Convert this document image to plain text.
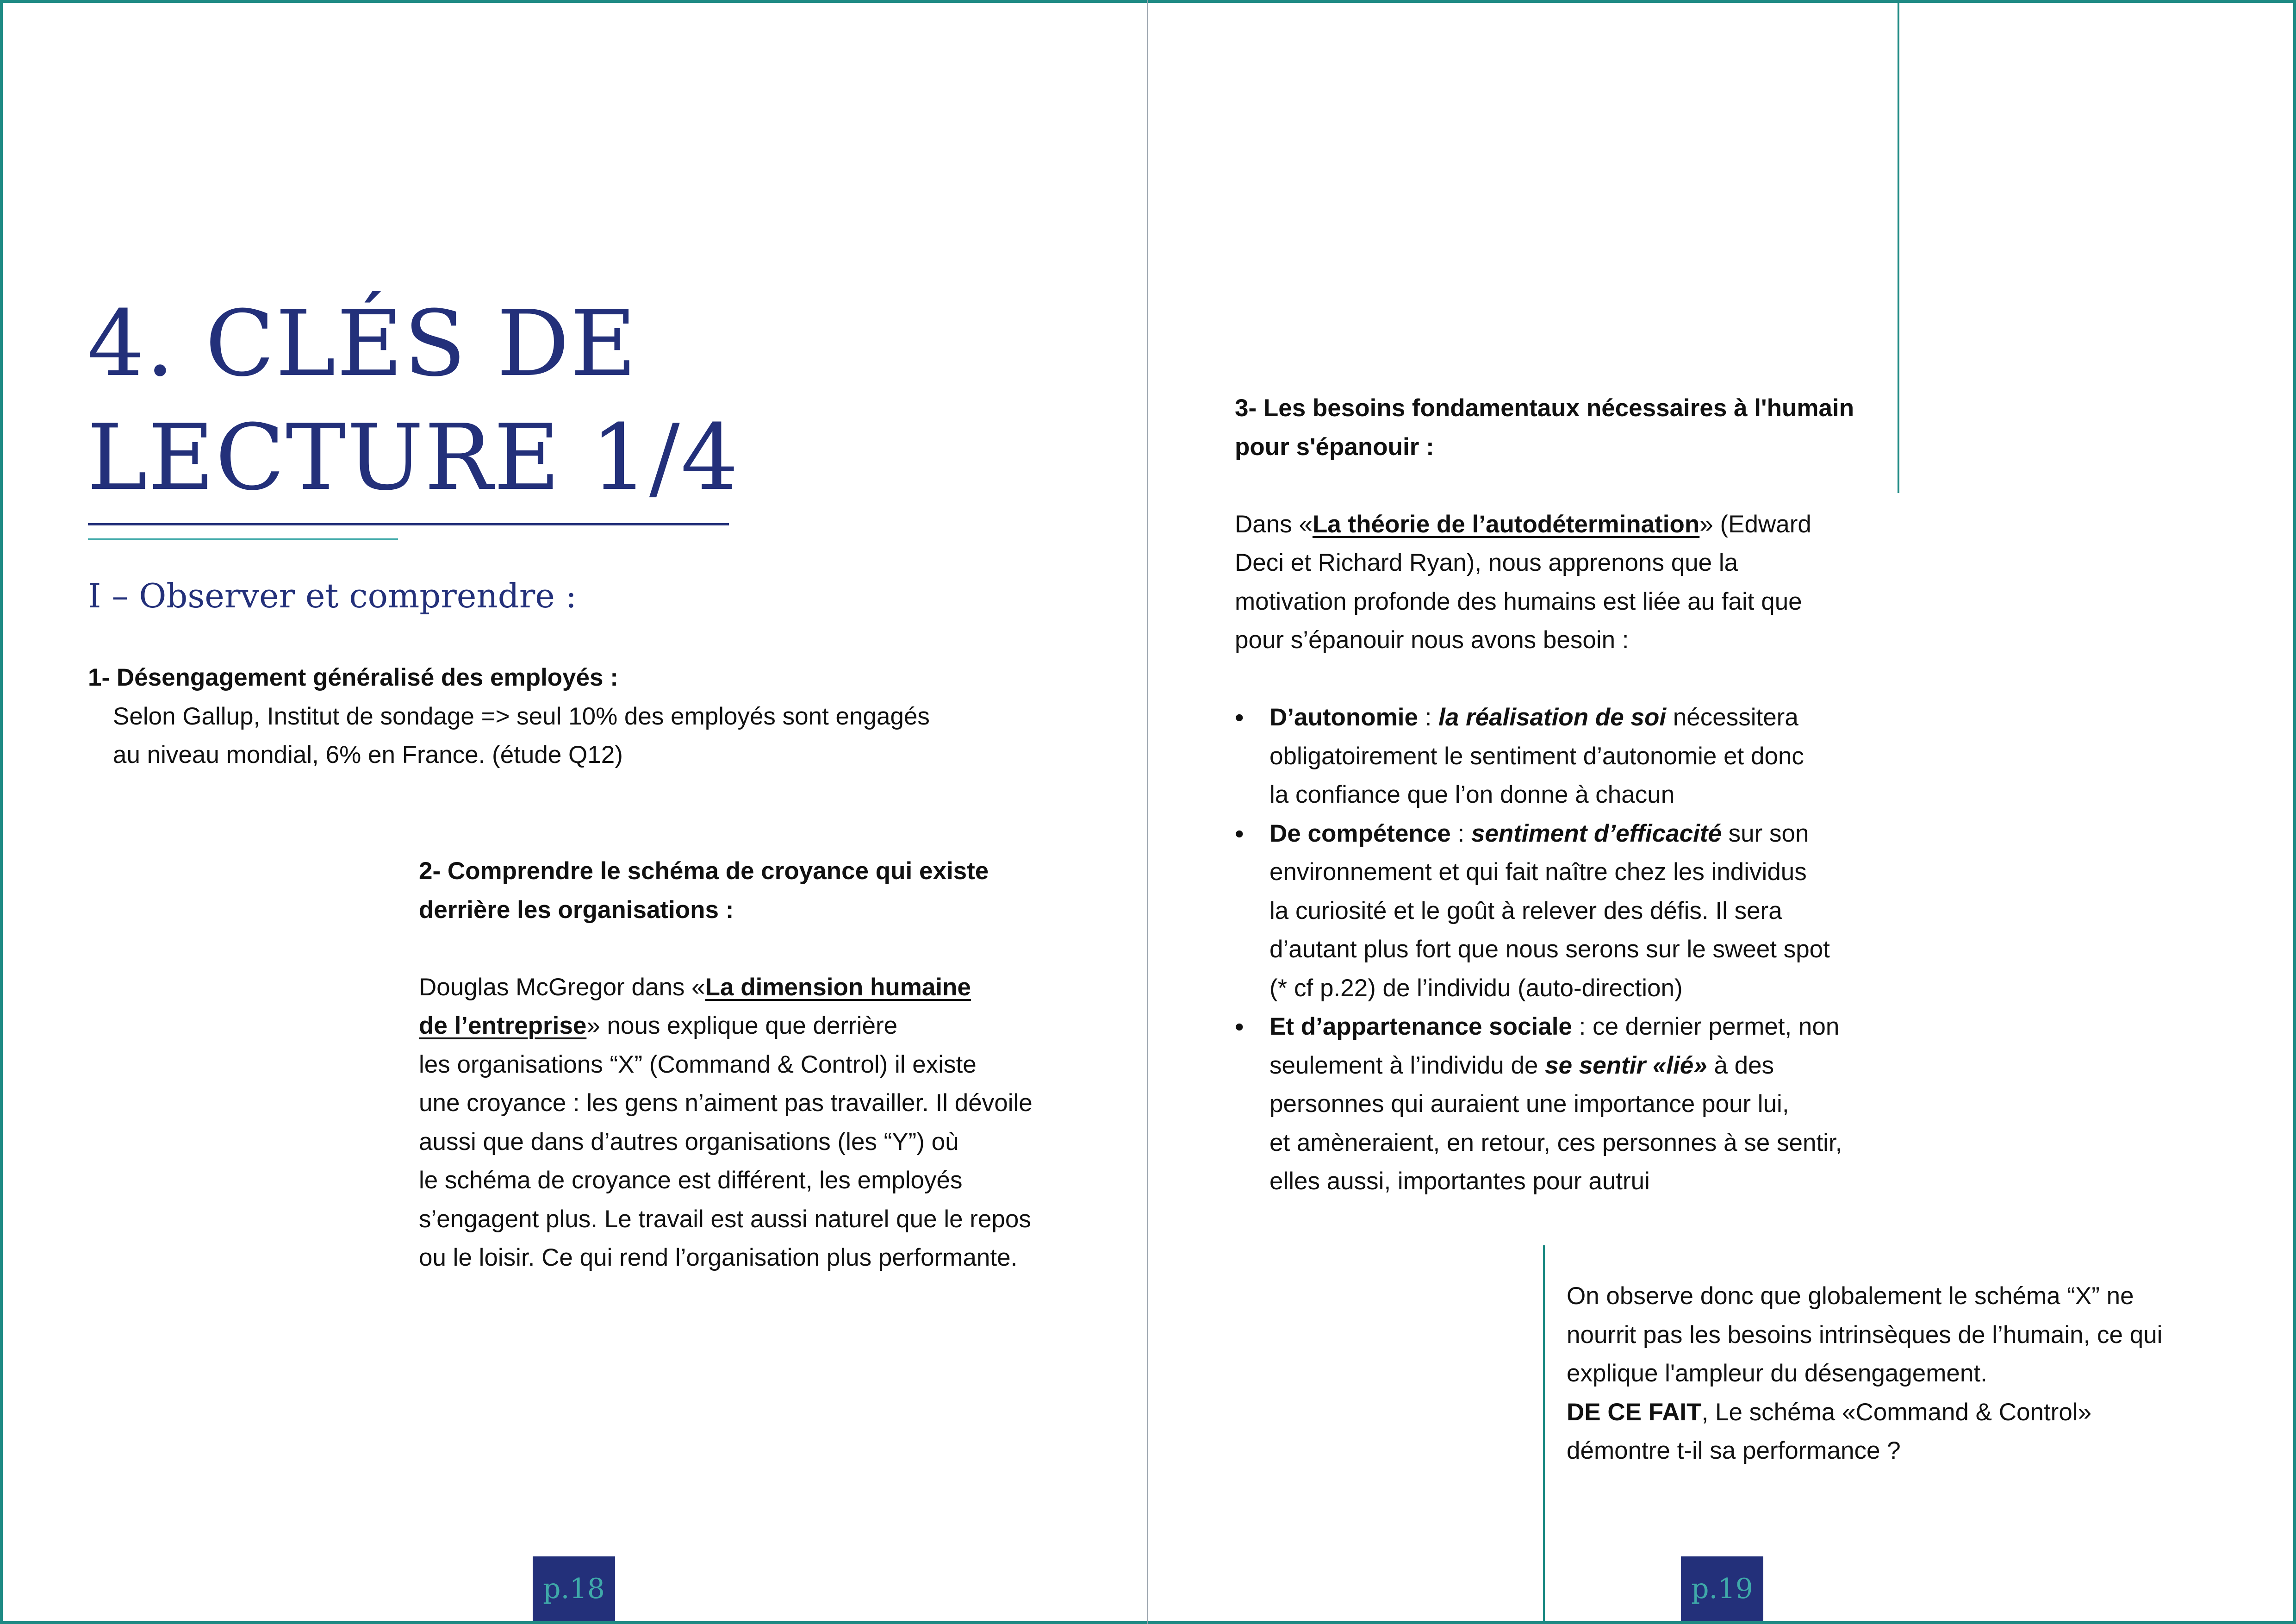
4. CLÉS DE
LECTURE 1/4
I – Observer et comprendre :

1- Désengagement généralisé des employés :

Selon Gallup, Institut de sondage => seul 10% des employés sont engagés

au niveau mondial, 6% en France. (étude Q12)

2- Comprendre le schéma de croyance qui existe

derrière les organisations :

Douglas McGregor dans «La dimension humaine

de l’entreprise» nous explique que derrière

les organisations “X” (Command & Control) il existe

une croyance : les gens n’aiment pas travailler. Il dévoile

aussi que dans d’autres organisations (les “Y”) où

le schéma de croyance est différent, les employés

s’engagent plus. Le travail est aussi naturel que le repos

ou le loisir. Ce qui rend l’organisation plus performante.

p.18

3- Les besoins fondamentaux nécessaires à l'humain

pour s'épanouir :

Dans «La théorie de l’autodétermination» (Edward

Deci et Richard Ryan), nous apprenons que la

motivation profonde des humains est liée au fait que

pour s’épanouir nous avons besoin :

• D’autonomie : la réalisation de soi nécessitera

obligatoirement le sentiment d’autonomie et donc

la confiance que l’on donne à chacun

• De compétence : sentiment d’efficacité sur son

environnement et qui fait naître chez les individus

la curiosité et le goût à relever des défis. Il sera

d’autant plus fort que nous serons sur le sweet spot

(* cf p.22) de l’individu (auto-direction)

• Et d’appartenance sociale : ce dernier permet, non

seulement à l’individu de se sentir «lié» à des

personnes qui auraient une importance pour lui,

et amèneraient, en retour, ces personnes à se sentir,

elles aussi, importantes pour autrui

On observe donc que globalement le schéma “X” ne

nourrit pas les besoins intrinsèques de l’humain, ce qui

explique l'ampleur du désengagement.

DE CE FAIT, Le schéma «Command & Control»

démontre t-il sa performance ?

p.19
